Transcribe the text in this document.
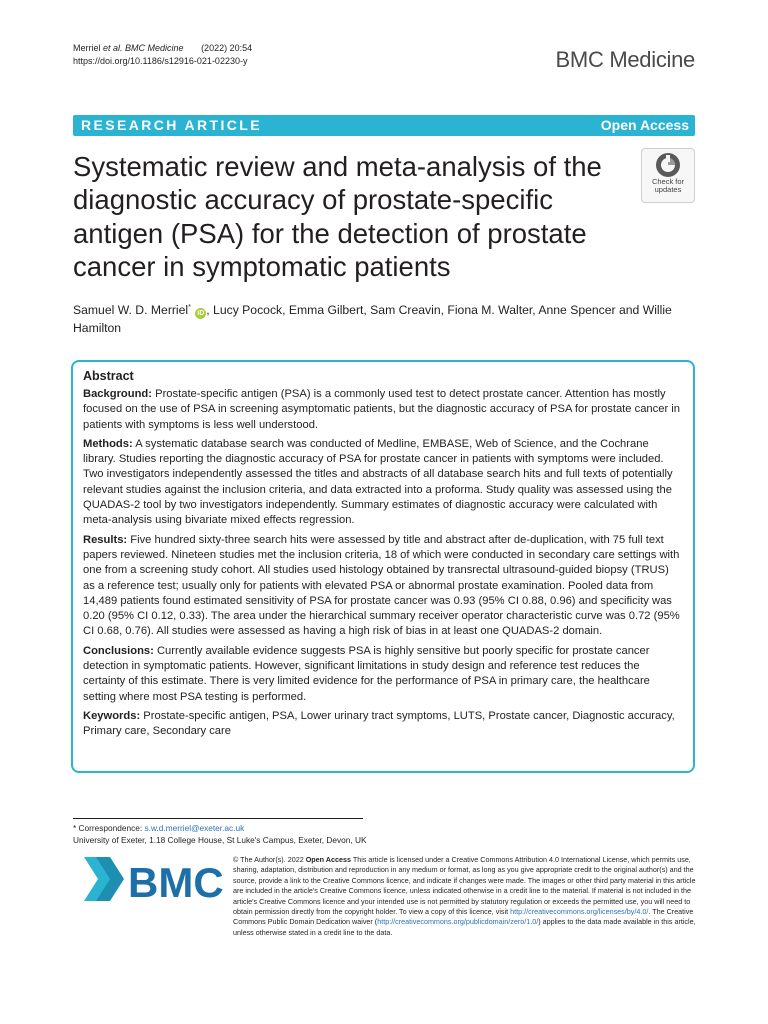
Merriel et al. BMC Medicine (2022) 20:54
https://doi.org/10.1186/s12916-021-02230-y	BMC Medicine
RESEARCH ARTICLE	Open Access
Systematic review and meta-analysis of the diagnostic accuracy of prostate-specific antigen (PSA) for the detection of prostate cancer in symptomatic patients
Check for
updates
Samuel W. D. Merriel* iD , Lucy Pocock, Emma Gilbert, Sam Creavin, Fiona M. Walter, Anne Spencer and Willie Hamilton
Abstract

Background: Prostate-specific antigen (PSA) is a commonly used test to detect prostate cancer. Attention has mostly focused on the use of PSA in screening asymptomatic patients, but the diagnostic accuracy of PSA for prostate cancer in patients with symptoms is less well understood.

Methods: A systematic database search was conducted of Medline, EMBASE, Web of Science, and the Cochrane library. Studies reporting the diagnostic accuracy of PSA for prostate cancer in patients with symptoms were included. Two investigators independently assessed the titles and abstracts of all database search hits and full texts of potentially relevant studies against the inclusion criteria, and data extracted into a proforma. Study quality was assessed using the QUADAS-2 tool by two investigators independently. Summary estimates of diagnostic accuracy were calculated with meta-analysis using bivariate mixed effects regression.

Results: Five hundred sixty-three search hits were assessed by title and abstract after de-duplication, with 75 full text papers reviewed. Nineteen studies met the inclusion criteria, 18 of which were conducted in secondary care settings with one from a screening study cohort. All studies used histology obtained by transrectal ultrasound-guided biopsy (TRUS) as a reference test; usually only for patients with elevated PSA or abnormal prostate examination. Pooled data from 14,489 patients found estimated sensitivity of PSA for prostate cancer was 0.93 (95% CI 0.88, 0.96) and specificity was 0.20 (95% CI 0.12, 0.33). The area under the hierarchical summary receiver operator characteristic curve was 0.72 (95% CI 0.68, 0.76). All studies were assessed as having a high risk of bias in at least one QUADAS-2 domain.

Conclusions: Currently available evidence suggests PSA is highly sensitive but poorly specific for prostate cancer detection in symptomatic patients. However, significant limitations in study design and reference test reduces the certainty of this estimate. There is very limited evidence for the performance of PSA in primary care, the healthcare setting where most PSA testing is performed.

Keywords: Prostate-specific antigen, PSA, Lower urinary tract symptoms, LUTS, Prostate cancer, Diagnostic accuracy, Primary care, Secondary care

* Correspondence: s.w.d.merriel@exeter.ac.uk
University of Exeter, 1.18 College House, St Luke's Campus, Exeter, Devon, UK
BMC © The Author(s). 2022 Open Access This article is licensed under a Creative Commons Attribution 4.0 International License, which permits use, sharing, adaptation, distribution and reproduction in any medium or format, as long as you give appropriate credit to the original author(s) and the source, provide a link to the Creative Commons licence, and indicate if changes were made. The images or other third party material in this article are included in the article's Creative Commons licence, unless indicated otherwise in a credit line to the material. If material is not included in the article's Creative Commons licence and your intended use is not permitted by statutory regulation or exceeds the permitted use, you will need to obtain permission directly from the copyright holder. To view a copy of this licence, visit http://creativecommons.org/licenses/by/4.0/. The Creative Commons Public Domain Dedication waiver (http://creativecommons.org/publicdomain/zero/1.0/) applies to the data made available in this article, unless otherwise stated in a credit line to the data.
